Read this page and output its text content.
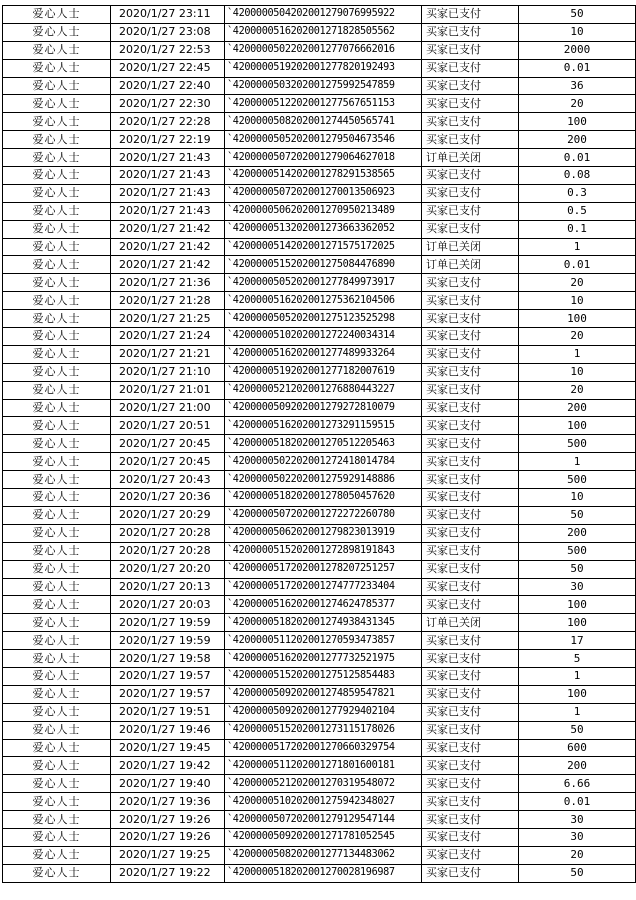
爱心人士	2020/1/27 23:11	`4200000504202001279076995922	买家已支付	50
爱心人士	2020/1/27 23:08	`4200000516202001271828505562	买家已支付	10
爱心人士	2020/1/27 22:53	`4200000502202001277076662016	买家已支付	2000
爱心人士	2020/1/27 22:45	`4200000519202001277820192493	买家已支付	0.01
爱心人士	2020/1/27 22:40	`4200000503202001275992547859	买家已支付	36
爱心人士	2020/1/27 22:30	`4200000512202001277567651153	买家已支付	20
爱心人士	2020/1/27 22:28	`4200000508202001274450565741	买家已支付	100
爱心人士	2020/1/27 22:19	`4200000505202001279504673546	买家已支付	200
爱心人士	2020/1/27 21:43	`4200000507202001279064627018	订单已关闭	0.01
爱心人士	2020/1/27 21:43	`4200000514202001278291538565	买家已支付	0.08
爱心人士	2020/1/27 21:43	`4200000507202001270013506923	买家已支付	0.3
爱心人士	2020/1/27 21:43	`4200000506202001270950213489	买家已支付	0.5
爱心人士	2020/1/27 21:42	`4200000513202001273663362052	买家已支付	0.1
爱心人士	2020/1/27 21:42	`4200000514202001271575172025	订单已关闭	1
爱心人士	2020/1/27 21:42	`4200000515202001275084476890	订单已关闭	0.01
爱心人士	2020/1/27 21:36	`4200000505202001277849973917	买家已支付	20
爱心人士	2020/1/27 21:28	`4200000516202001275362104506	买家已支付	10
爱心人士	2020/1/27 21:25	`4200000505202001275123525298	买家已支付	100
爱心人士	2020/1/27 21:24	`4200000510202001272240034314	买家已支付	20
爱心人士	2020/1/27 21:21	`4200000516202001277489933264	买家已支付	1
爱心人士	2020/1/27 21:10	`4200000519202001277182007619	买家已支付	10
爱心人士	2020/1/27 21:01	`4200000521202001276880443227	买家已支付	20
爱心人士	2020/1/27 21:00	`4200000509202001279272810079	买家已支付	200
爱心人士	2020/1/27 20:51	`4200000516202001273291159515	买家已支付	100
爱心人士	2020/1/27 20:45	`4200000518202001270512205463	买家已支付	500
爱心人士	2020/1/27 20:45	`4200000502202001272418014784	买家已支付	1
爱心人士	2020/1/27 20:43	`4200000502202001275929148886	买家已支付	500
爱心人士	2020/1/27 20:36	`4200000518202001278050457620	买家已支付	10
爱心人士	2020/1/27 20:29	`4200000507202001272272260780	买家已支付	50
爱心人士	2020/1/27 20:28	`4200000506202001279823013919	买家已支付	200
爱心人士	2020/1/27 20:28	`4200000515202001272898191843	买家已支付	500
爱心人士	2020/1/27 20:20	`4200000517202001278207251257	买家已支付	50
爱心人士	2020/1/27 20:13	`4200000517202001274777233404	买家已支付	30
爱心人士	2020/1/27 20:03	`4200000516202001274624785377	买家已支付	100
爱心人士	2020/1/27 19:59	`4200000518202001274938431345	订单已关闭	100
爱心人士	2020/1/27 19:59	`4200000511202001270593473857	买家已支付	17
爱心人士	2020/1/27 19:58	`4200000516202001277732521975	买家已支付	5
爱心人士	2020/1/27 19:57	`4200000515202001275125854483	买家已支付	1
爱心人士	2020/1/27 19:57	`4200000509202001274859547821	买家已支付	100
爱心人士	2020/1/27 19:51	`4200000509202001277929402104	买家已支付	1
爱心人士	2020/1/27 19:46	`4200000515202001273115178026	买家已支付	50
爱心人士	2020/1/27 19:45	`4200000517202001270660329754	买家已支付	600
爱心人士	2020/1/27 19:42	`4200000511202001271801600181	买家已支付	200
爱心人士	2020/1/27 19:40	`4200000521202001270319548072	买家已支付	6.66
爱心人士	2020/1/27 19:36	`4200000510202001275942348027	买家已支付	0.01
爱心人士	2020/1/27 19:26	`4200000507202001279129547144	买家已支付	30
爱心人士	2020/1/27 19:26	`4200000509202001271781052545	买家已支付	30
爱心人士	2020/1/27 19:25	`4200000508202001277134483062	买家已支付	20
爱心人士	2020/1/27 19:22	`4200000518202001270028196987	买家已支付	50
